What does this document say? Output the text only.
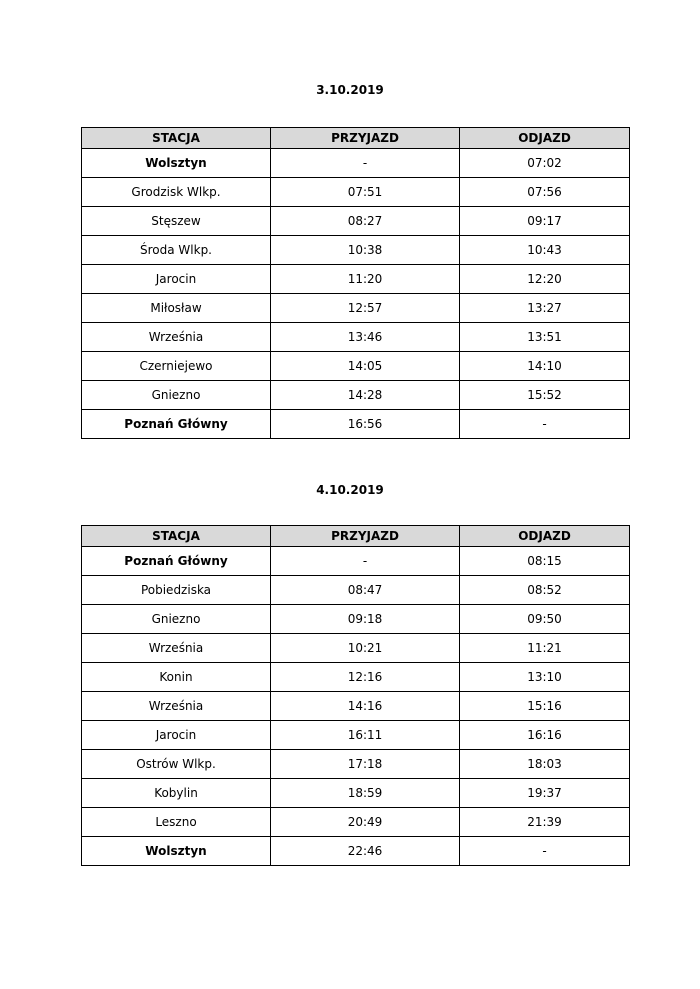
3.10.2019
STACJA	PRZYJAZD	ODJAZD
Wolsztyn	-	07:02
Grodzisk Wlkp.	07:51	07:56
Stęszew	08:27	09:17
Środa Wlkp.	10:38	10:43
Jarocin	11:20	12:20
Miłosław	12:57	13:27
Września	13:46	13:51
Czerniejewo	14:05	14:10
Gniezno	14:28	15:52
Poznań Główny	16:56	-
4.10.2019
STACJA	PRZYJAZD	ODJAZD
Poznań Główny	-	08:15
Pobiedziska	08:47	08:52
Gniezno	09:18	09:50
Września	10:21	11:21
Konin	12:16	13:10
Września	14:16	15:16
Jarocin	16:11	16:16
Ostrów Wlkp.	17:18	18:03
Kobylin	18:59	19:37
Leszno	20:49	21:39
Wolsztyn	22:46	-
